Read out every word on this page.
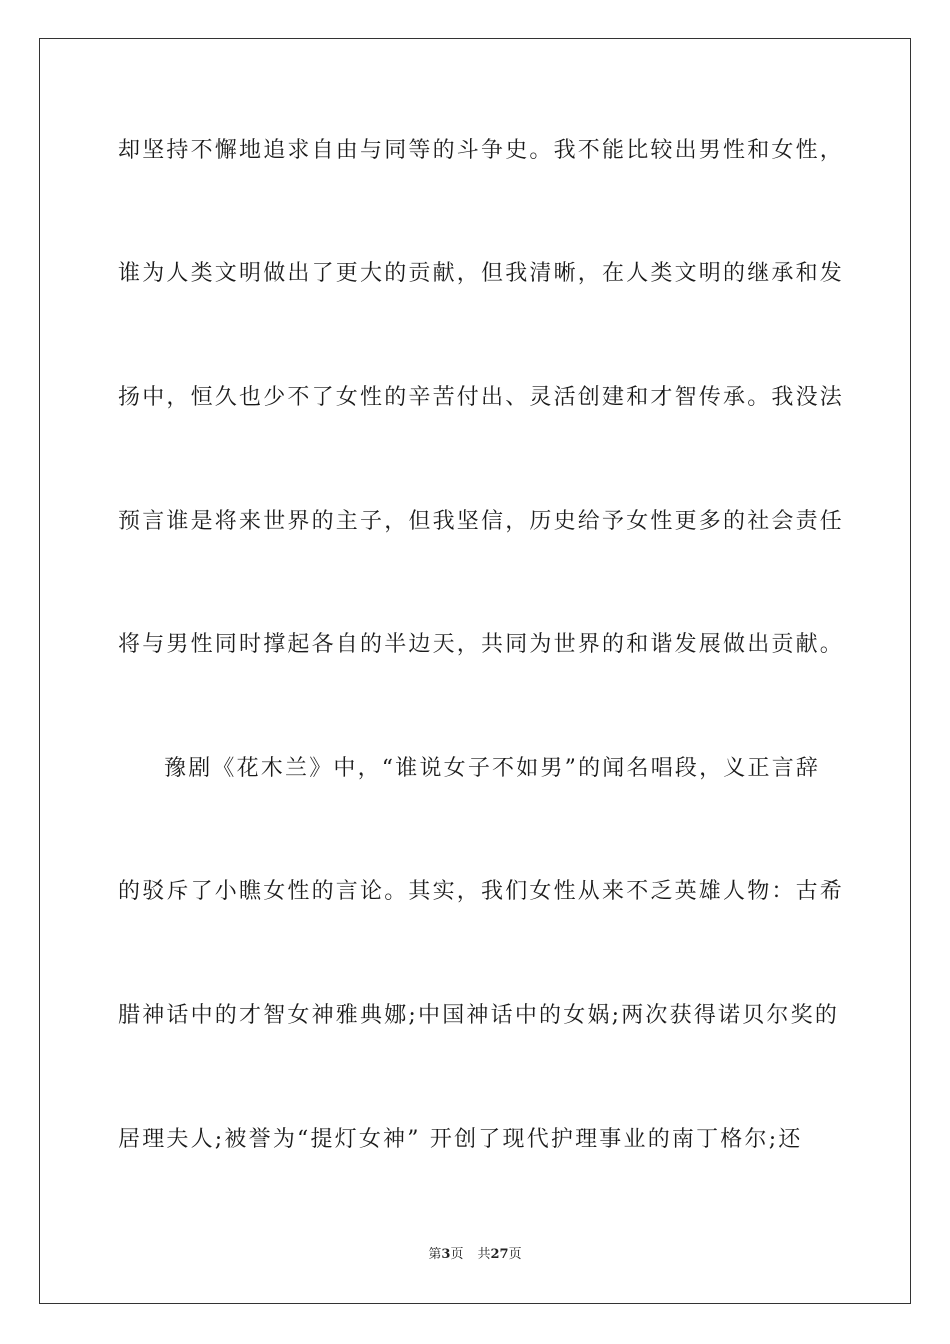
却坚持不懈地追求自由与同等的斗争史。我不能比较出男性和女性，
谁为人类文明做出了更大的贡献，但我清晰，在人类文明的继承和发
扬中，恒久也少不了女性的辛苦付出、灵活创建和才智传承。我没法
预言谁是将来世界的主子，但我坚信，历史给予女性更多的社会责任
将与男性同时撑起各自的半边天，共同为世界的和谐发展做出贡献。
豫剧《花木兰》中，“谁说女子不如男”的闻名唱段，义正言辞
的驳斥了小瞧女性的言论。其实，我们女性从来不乏英雄人物：古希
腊神话中的才智女神雅典娜;中国神话中的女娲;两次获得诺贝尔奖的
居理夫人;被誉为“提灯女神” 开创了现代护理事业的南丁格尔;还
第3页 共27页
